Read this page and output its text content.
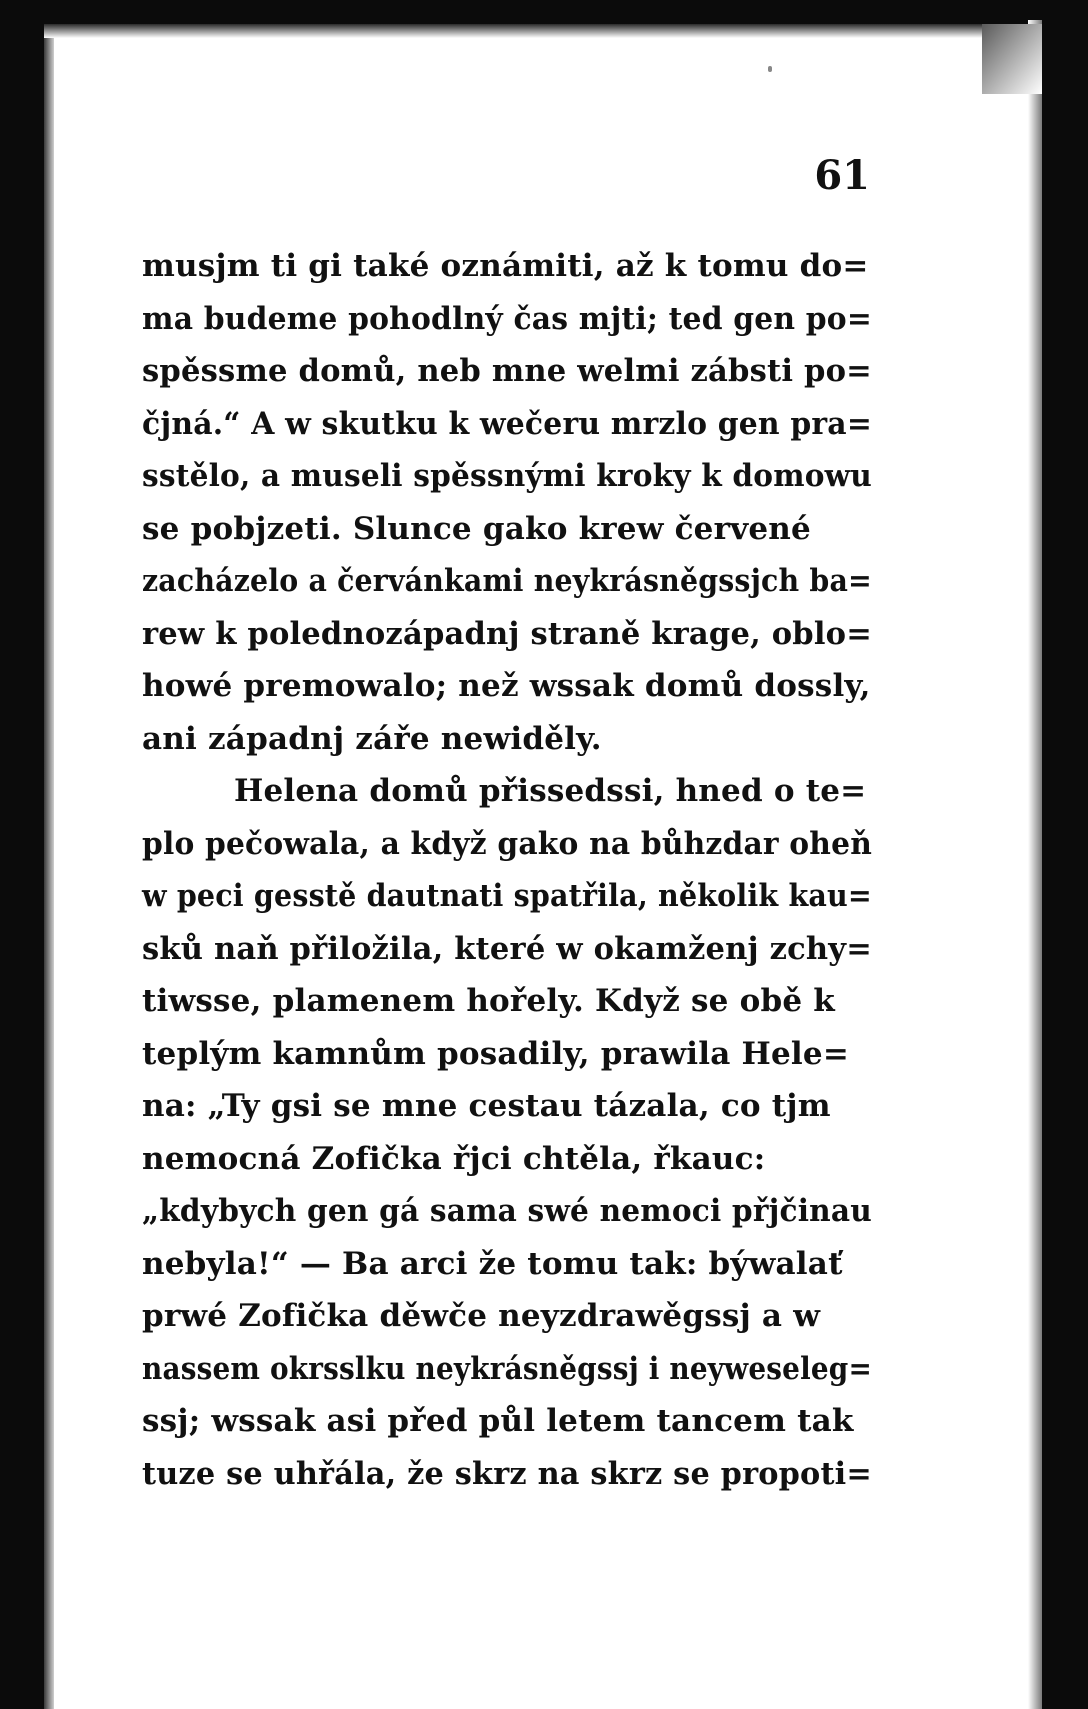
61
musjm ti gi také oznámiti, až k tomu do=
ma budeme pohodlný čas mjti; ted gen po=
spěssme domů, neb mne welmi zábsti po=
čjná.“ A w skutku k wečeru mrzlo gen pra=
sstělo, a museli spěssnými kroky k domowu
se pobjzeti. Slunce gako krew červené
zacházelo a červánkami neykrásněgssjch ba=
rew k polednozápadnj straně krage, oblo=
howé premowalo; než wssak domů dossly,
ani západnj záře newiděly.
Helena domů přissedssi, hned o te=
plo pečowala, a když gako na bůhzdar oheň
w peci gesstě dautnati spatřila, několik kau=
sků naň přiložila, které w okamženj zchy=
tiwsse, plamenem hořely. Když se obě k
teplým kamnům posadily, prawila Hele=
na: „Ty gsi se mne cestau tázala, co tjm
nemocná Zofička řjci chtěla, řkauc:
„kdybych gen gá sama swé nemoci přjčinau
nebyla!“ — Ba arci že tomu tak: býwalať
prwé Zofička děwče neyzdrawěgssj a w
nassem okrsslku neykrásněgssj i neyweseleg=
ssj; wssak asi před půl letem tancem tak
tuze se uhřála, že skrz na skrz se propoti=
